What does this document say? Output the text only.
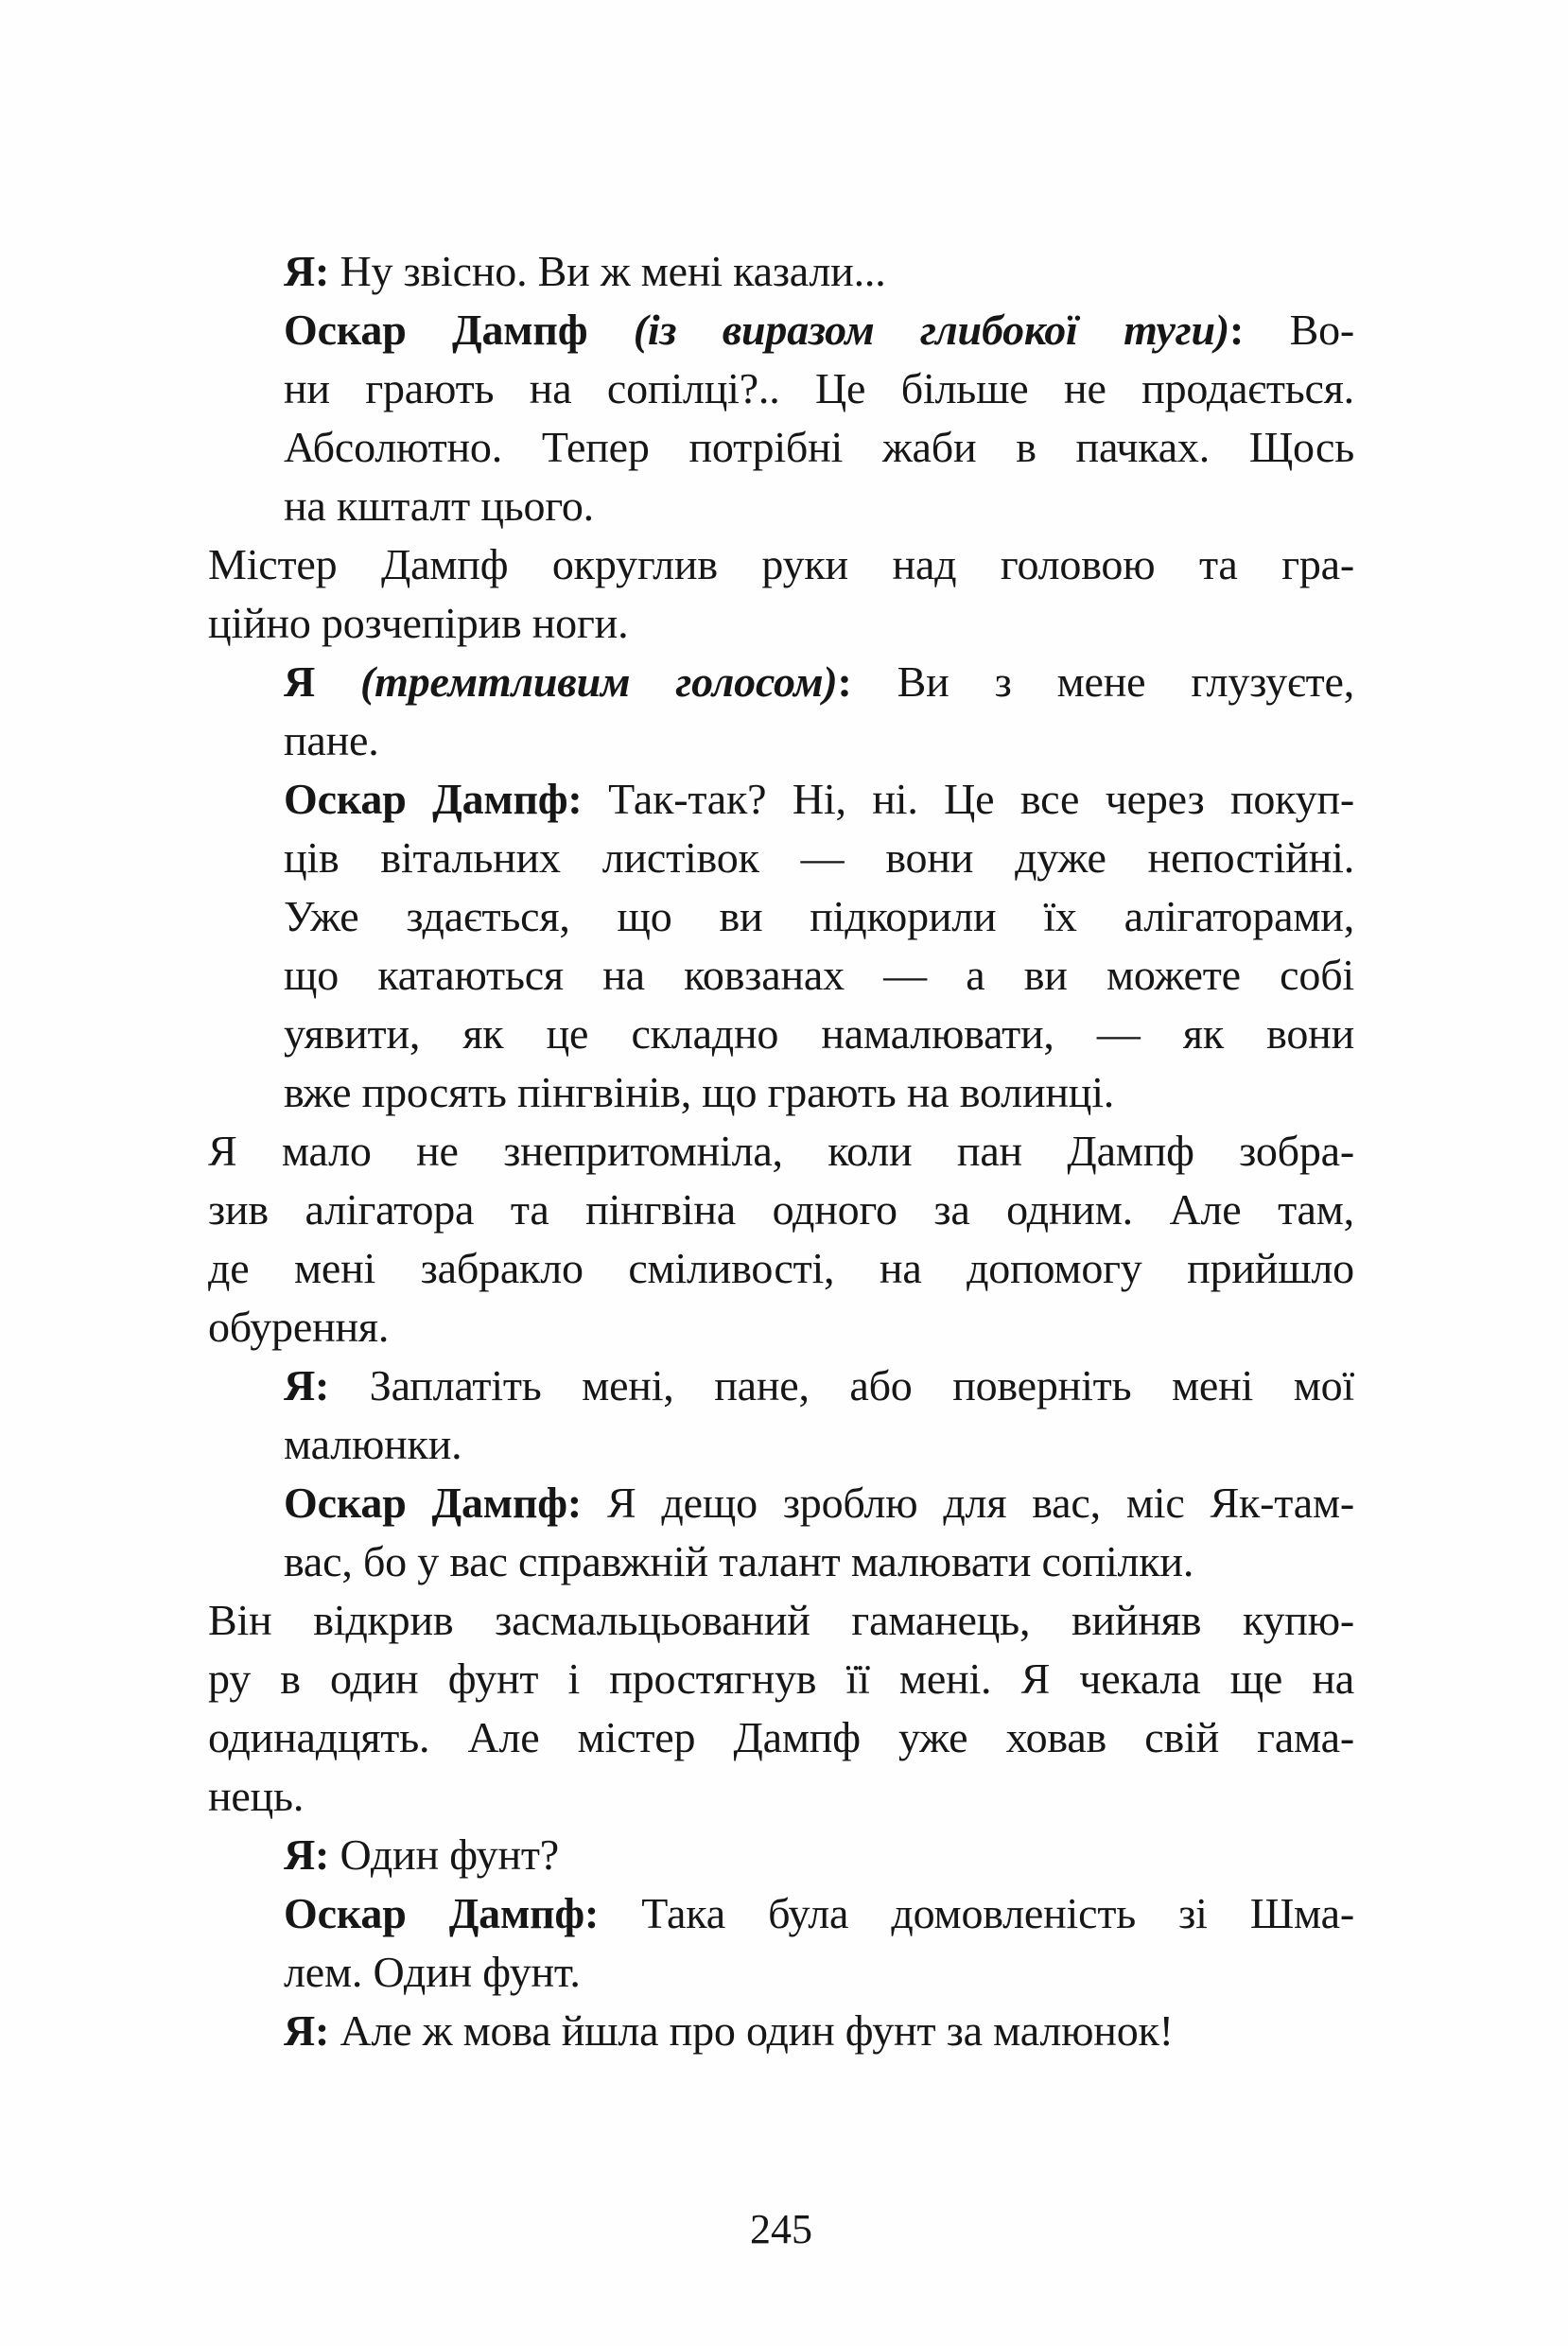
Я: Ну звісно. Ви ж мені казали...
Оскар Дампф (із виразом глибокої туги): Во-
ни грають на сопілці?.. Це більше не продається.
Абсолютно. Тепер потрібні жаби в пачках. Щось
на кшталт цього.
Містер Дампф округлив руки над головою та гра-
ційно розчепірив ноги.
Я (тремтливим голосом): Ви з мене глузуєте,
пане.
Оскар Дампф: Так-так? Ні, ні. Це все через покуп-
ців вітальних листівок — вони дуже непостійні.
Уже здається, що ви підкорили їх алігаторами,
що катаються на ковзанах — а ви можете собі
уявити, як це складно намалювати, — як вони
вже просять пінгвінів, що грають на волинці.
Я мало не знепритомніла, коли пан Дампф зобра-
зив алігатора та пінгвіна одного за одним. Але там,
де мені забракло сміливості, на допомогу прийшло
обурення.
Я: Заплатіть мені, пане, або поверніть мені мої
малюнки.
Оскар Дампф: Я дещо зроблю для вас, міс Як-там-
вас, бо у вас справжній талант малювати сопілки.
Він відкрив засмальцьований гаманець, вийняв купю-
ру в один фунт і простягнув її мені. Я чекала ще на
одинадцять. Але містер Дампф уже ховав свій гама-
нець.
Я: Один фунт?
Оскар Дампф: Така була домовленість зі Шма-
лем. Один фунт.
Я: Але ж мова йшла про один фунт за малюнок!
245
